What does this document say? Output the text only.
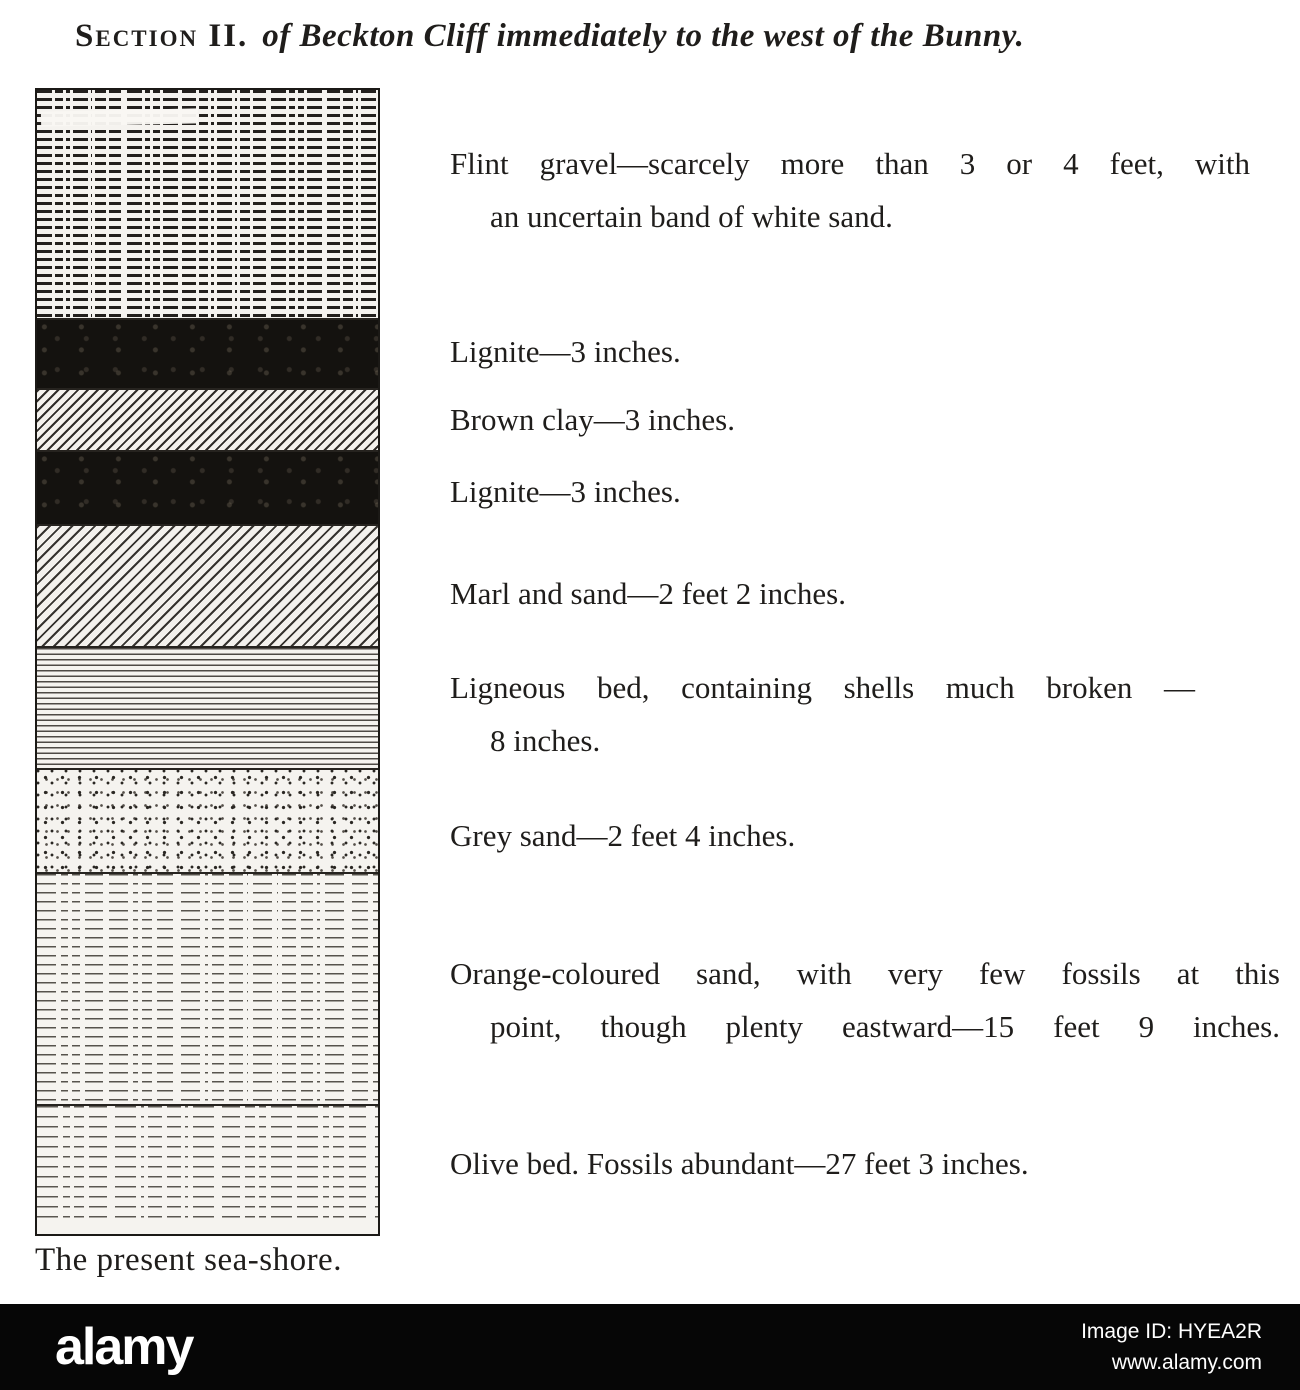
Section II. of Beckton Cliff immediately to the west of the Bunny.
The present sea-shore.
Flint gravel—scarcely more than 3 or 4 feet, with
an uncertain band of white sand.
Lignite—3 inches.
Brown clay—3 inches.
Lignite—3 inches.
Marl and sand—2 feet 2 inches.
Ligneous bed, containing shells much broken —
8 inches.
Grey sand—2 feet 4 inches.
Orange-coloured sand, with very few fossils at this
point, though plenty eastward—15 feet 9 inches.
Olive bed. Fossils abundant—27 feet 3 inches.
alamy	Image ID: HYEA2R
www.alamy.com
